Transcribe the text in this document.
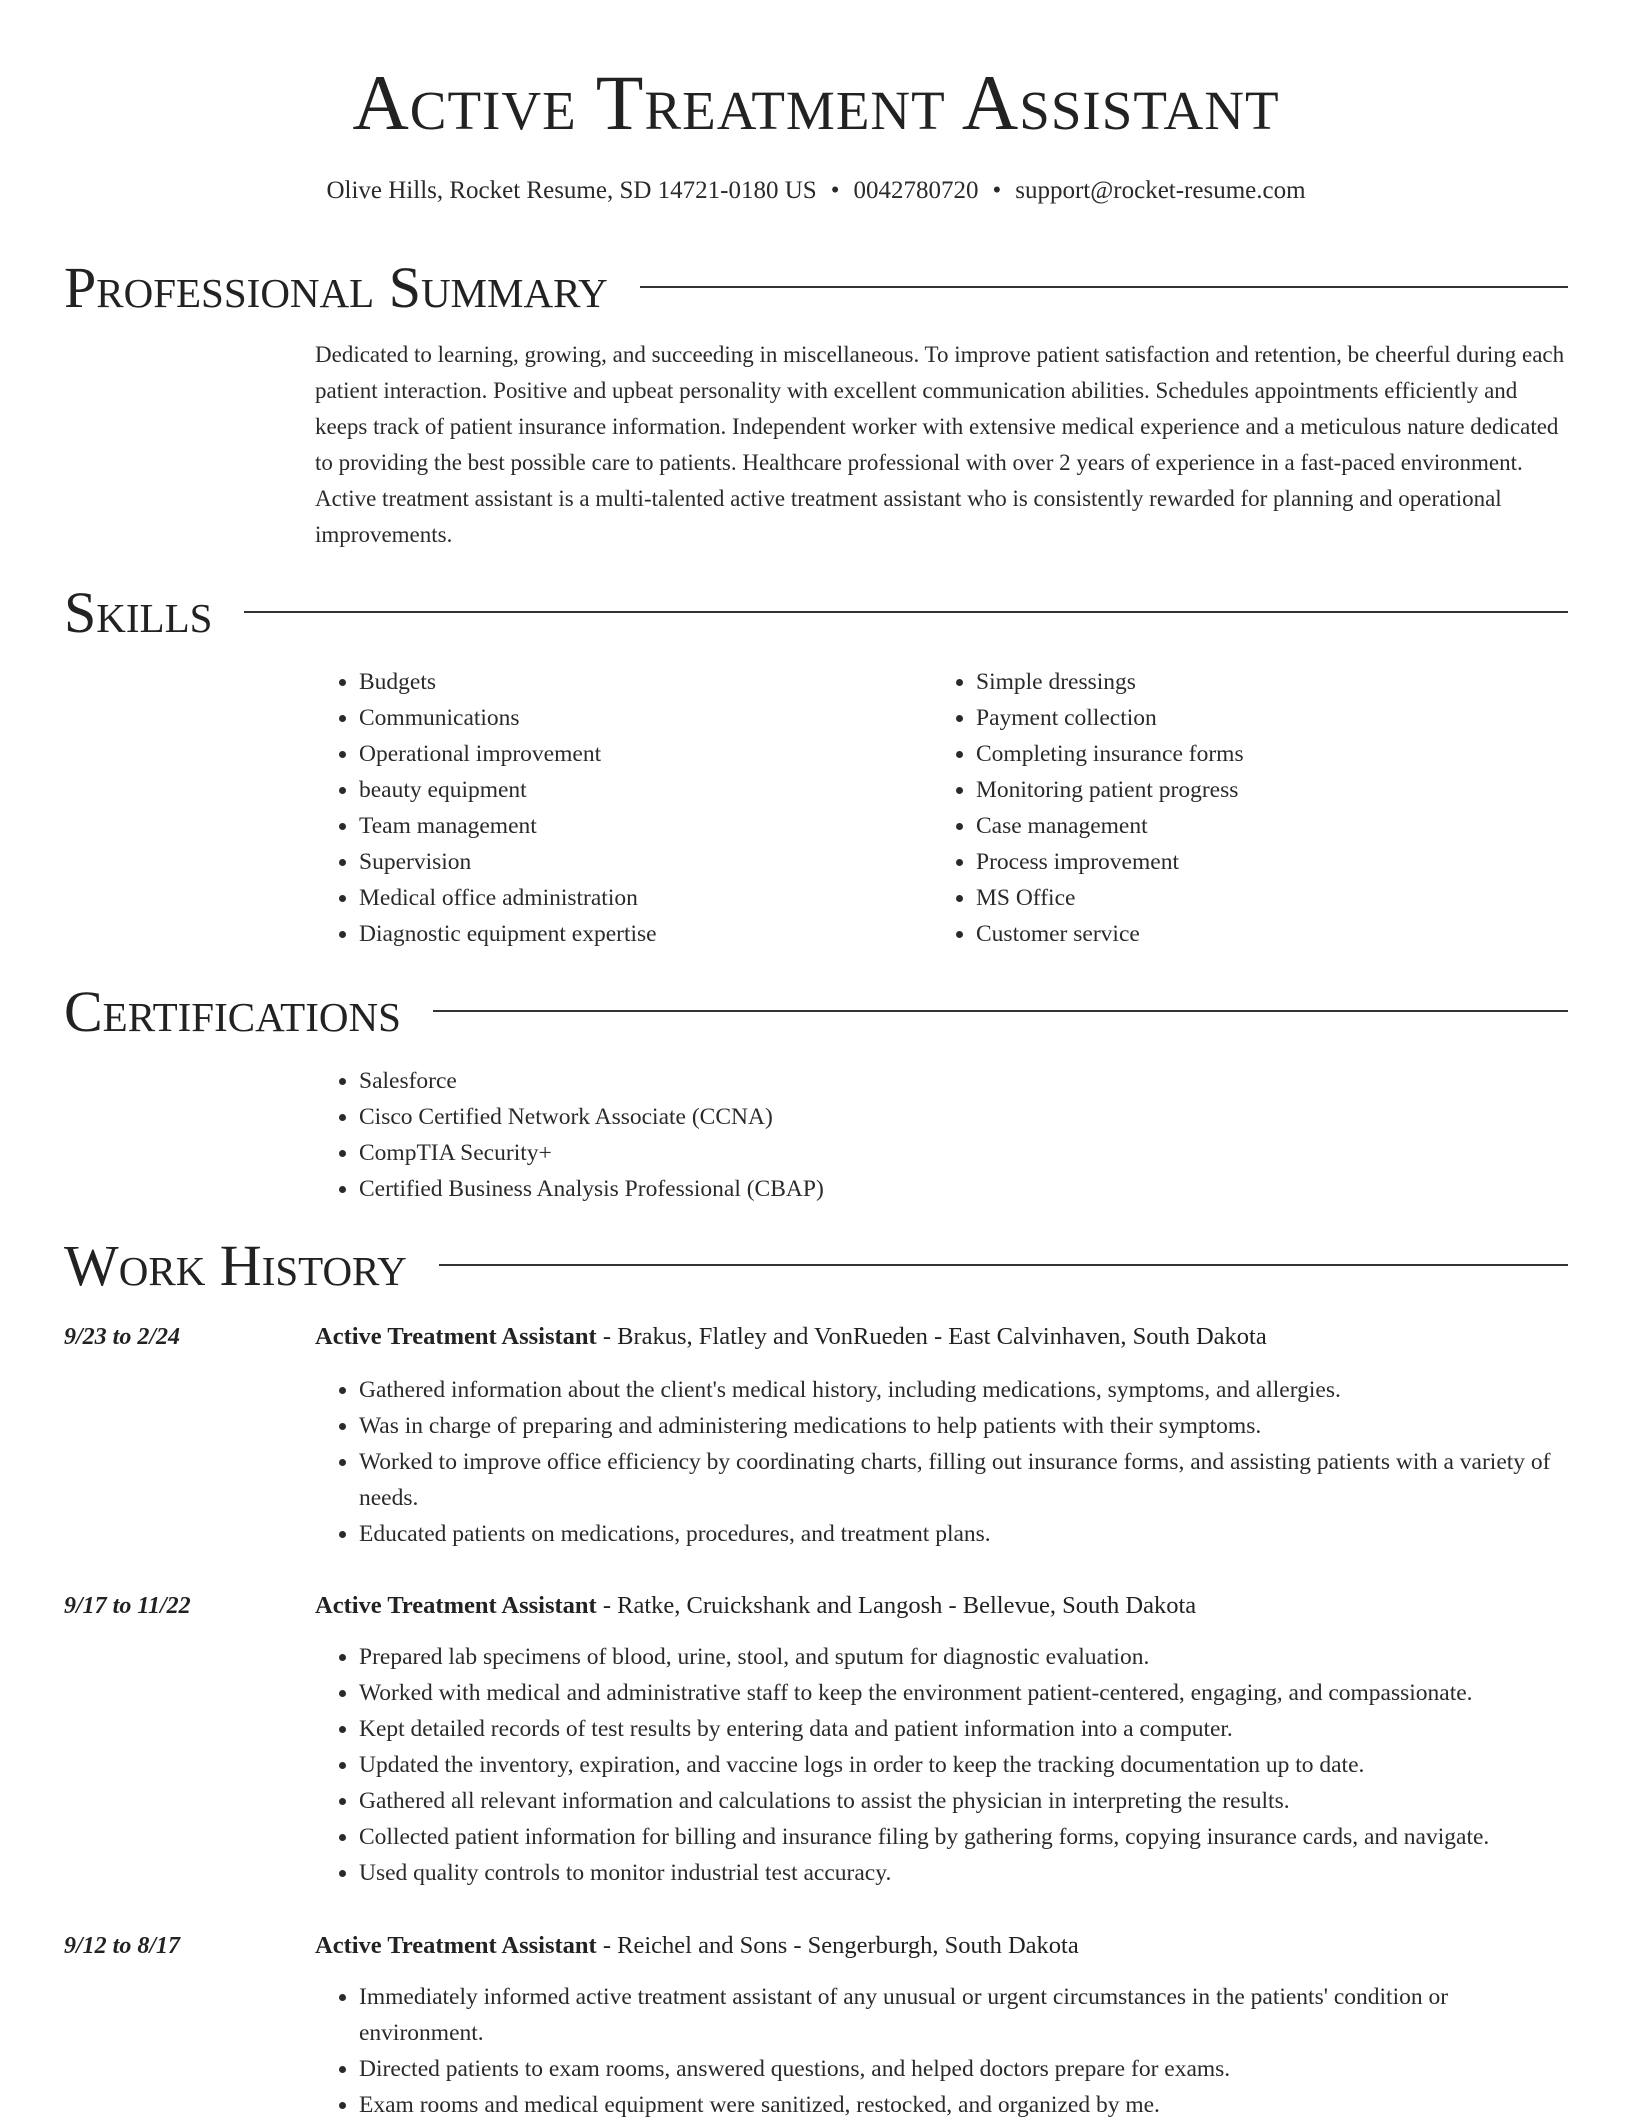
Active Treatment Assistant
Olive Hills, Rocket Resume, SD 14721-0180 US • 0042780720 • support@rocket-resume.com
Professional Summary

Dedicated to learning, growing, and succeeding in miscellaneous. To improve patient satisfaction and retention, be cheerful during each patient interaction. Positive and upbeat personality with excellent communication abilities. Schedules appointments efficiently and keeps track of patient insurance information. Independent worker with extensive medical experience and a meticulous nature dedicated to providing the best possible care to patients. Healthcare professional with over 2 years of experience in a fast-paced environment. Active treatment assistant is a multi-talented active treatment assistant who is consistently rewarded for planning and operational improvements.

Skills
• Budgets
• Communications
• Operational improvement
• beauty equipment
• Team management
• Supervision
• Medical office administration
• Diagnostic equipment expertise
• Simple dressings
• Payment collection
• Completing insurance forms
• Monitoring patient progress
• Case management
• Process improvement
• MS Office
• Customer service
Certifications
• Salesforce
• Cisco Certified Network Associate (CCNA)
• CompTIA Security+
• Certified Business Analysis Professional (CBAP)
Work History
9/23 to 2/24	Active Treatment Assistant - Brakus, Flatley and VonRueden - East Calvinhaven, South Dakota
• Gathered information about the client's medical history, including medications, symptoms, and allergies.
• Was in charge of preparing and administering medications to help patients with their symptoms.
• Worked to improve office efficiency by coordinating charts, filling out insurance forms, and assisting patients with a variety of needs.
• Educated patients on medications, procedures, and treatment plans.
9/17 to 11/22	Active Treatment Assistant - Ratke, Cruickshank and Langosh - Bellevue, South Dakota
• Prepared lab specimens of blood, urine, stool, and sputum for diagnostic evaluation.
• Worked with medical and administrative staff to keep the environment patient-centered, engaging, and compassionate.
• Kept detailed records of test results by entering data and patient information into a computer.
• Updated the inventory, expiration, and vaccine logs in order to keep the tracking documentation up to date.
• Gathered all relevant information and calculations to assist the physician in interpreting the results.
• Collected patient information for billing and insurance filing by gathering forms, copying insurance cards, and navigate.
• Used quality controls to monitor industrial test accuracy.
9/12 to 8/17	Active Treatment Assistant - Reichel and Sons - Sengerburgh, South Dakota
• Immediately informed active treatment assistant of any unusual or urgent circumstances in the patients' condition or environment.
• Directed patients to exam rooms, answered questions, and helped doctors prepare for exams.
• Exam rooms and medical equipment were sanitized, restocked, and organized by me.
